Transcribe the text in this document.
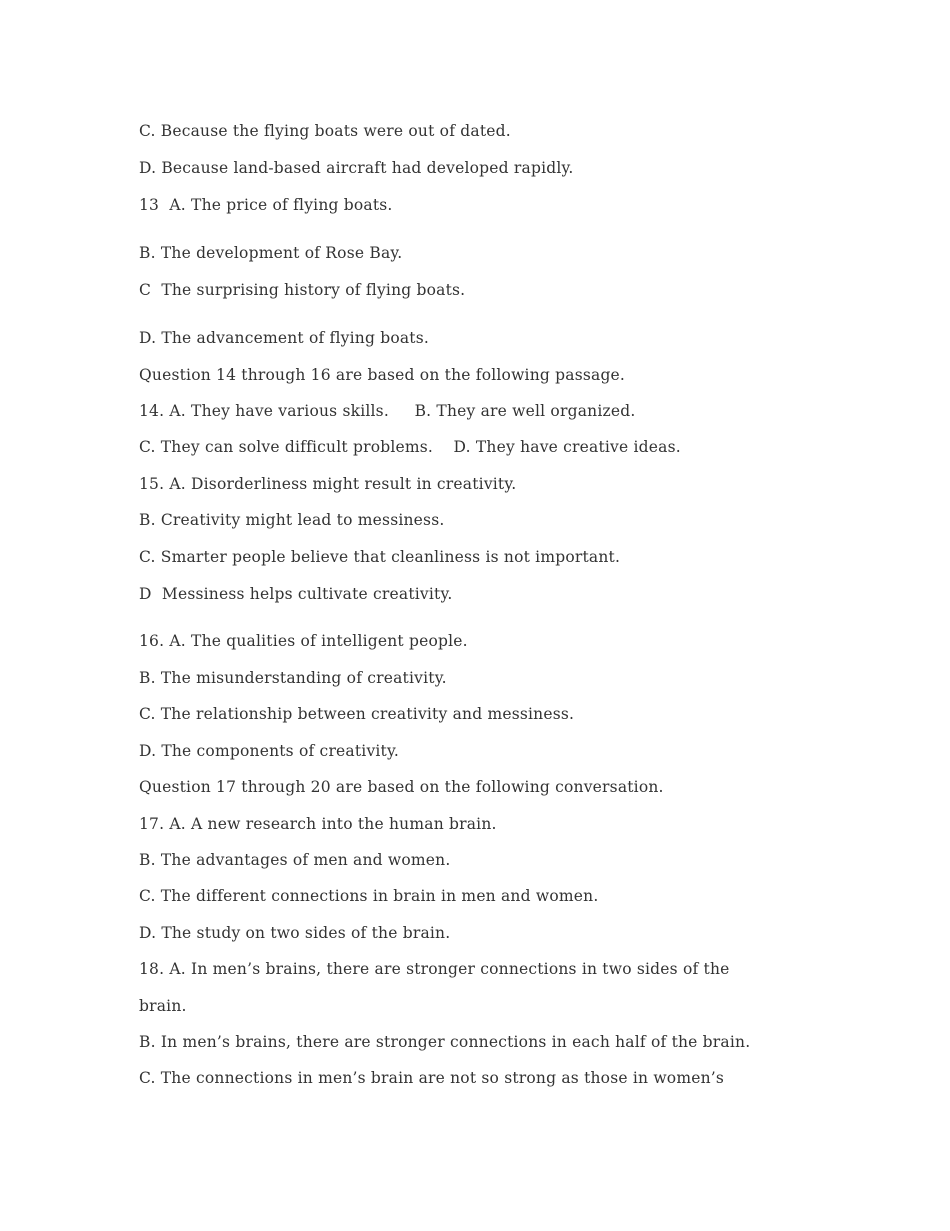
C. Because the flying boats were out of dated.
D. Because land-based aircraft had developed rapidly.
13  A. The price of flying boats.
B. The development of Rose Bay.
C  The surprising history of flying boats.
D. The advancement of flying boats.
Question 14 through 16 are based on the following passage.
14. A. They have various skills.     B. They are well organized.
C. They can solve difficult problems.    D. They have creative ideas.
15. A. Disorderliness might result in creativity.
B. Creativity might lead to messiness.
C. Smarter people believe that cleanliness is not important.
D  Messiness helps cultivate creativity.
16. A. The qualities of intelligent people.
B. The misunderstanding of creativity.
C. The relationship between creativity and messiness.
D. The components of creativity.
Question 17 through 20 are based on the following conversation.
17. A. A new research into the human brain.
B. The advantages of men and women.
C. The different connections in brain in men and women.
D. The study on two sides of the brain.
18. A. In men’s brains, there are stronger connections in two sides of the
brain.
B. In men’s brains, there are stronger connections in each half of the brain.
C. The connections in men’s brain are not so strong as those in women’s
